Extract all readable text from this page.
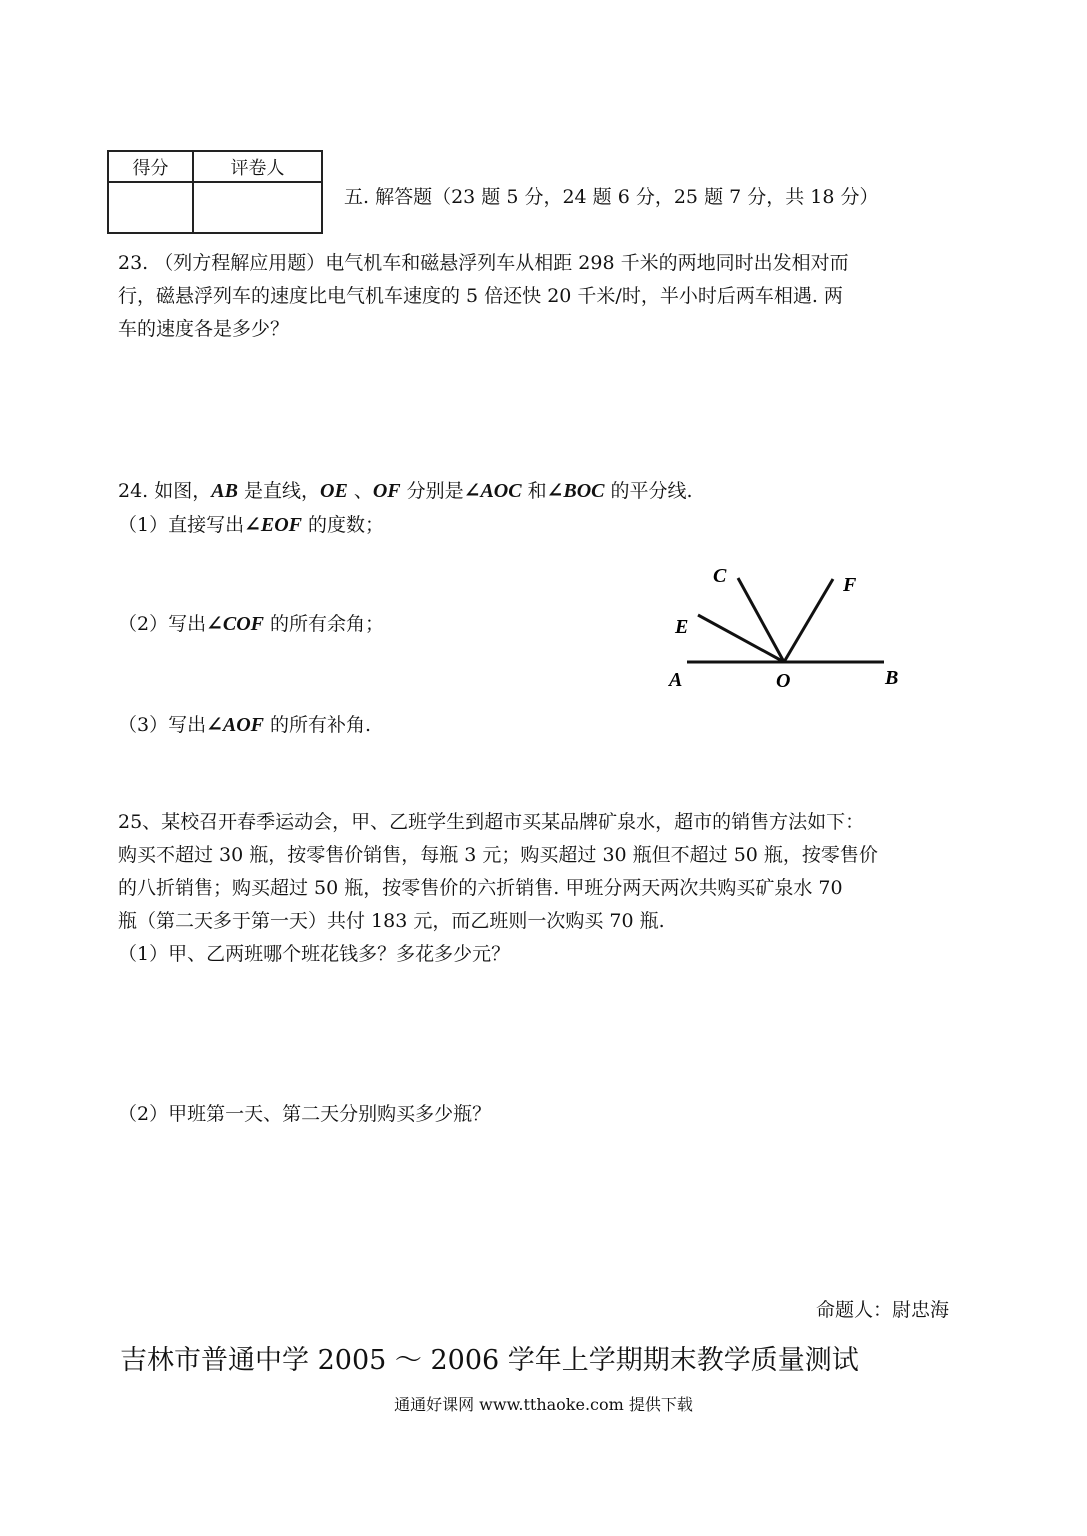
得分	评卷人

五. 解答题（23 题 5 分，24 题 6 分，25 题 7 分，共 18 分）
23. （列方程解应用题）电气机车和磁悬浮列车从相距 298 千米的两地同时出发相对而
行，磁悬浮列车的速度比电气机车速度的 5 倍还快 20 千米/时，半小时后两车相遇. 两
车的速度各是多少？
24. 如图，AB 是直线，OE 、OF 分别是∠AOC 和∠BOC 的平分线.
（1）直接写出∠EOF 的度数；
（2）写出∠COF 的所有余角；
（3）写出∠AOF 的所有补角.
A	B
O
C
E
F
25、某校召开春季运动会，甲、乙班学生到超市买某品牌矿泉水，超市的销售方法如下：
购买不超过 30 瓶，按零售价销售，每瓶 3 元；购买超过 30 瓶但不超过 50 瓶，按零售价
的八折销售；购买超过 50 瓶，按零售价的六折销售. 甲班分两天两次共购买矿泉水 70
瓶（第二天多于第一天）共付 183 元，而乙班则一次购买 70 瓶.
（1）甲、乙两班哪个班花钱多？多花多少元？
（2）甲班第一天、第二天分别购买多少瓶？
命题人：尉忠海
吉林市普通中学 2005 ～ 2006 学年上学期期末教学质量测试
通通好课网 www.tthaoke.com 提供下载
